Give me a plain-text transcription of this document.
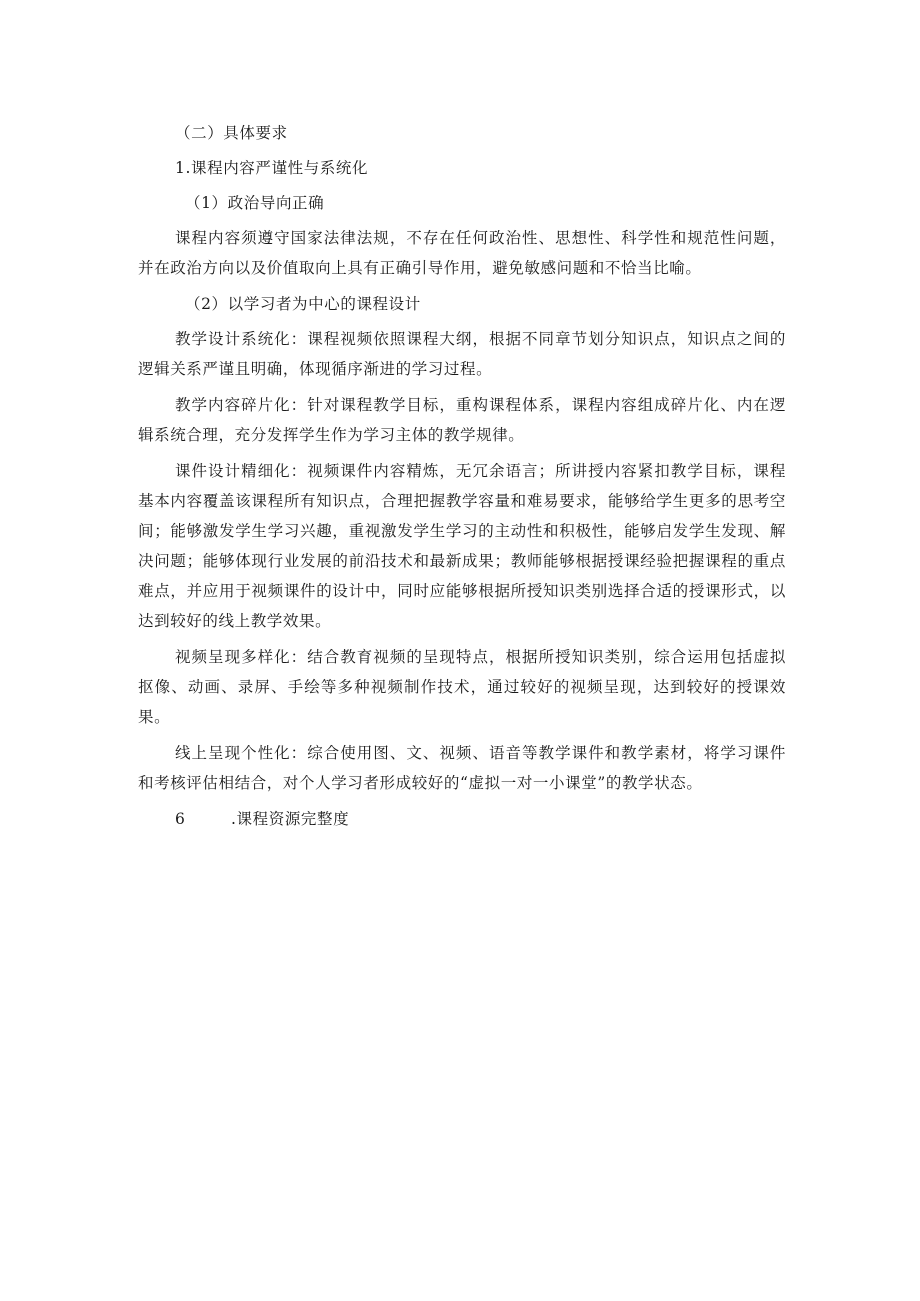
（二）具体要求

1.课程内容严谨性与系统化

（1）政治导向正确

课程内容须遵守国家法律法规，不存在任何政治性、思想性、科学性和规范性问题，并在政治方向以及价值取向上具有正确引导作用，避免敏感问题和不恰当比喻。

（2）以学习者为中心的课程设计

教学设计系统化：课程视频依照课程大纲，根据不同章节划分知识点，知识点之间的逻辑关系严谨且明确，体现循序渐进的学习过程。

教学内容碎片化：针对课程教学目标，重构课程体系，课程内容组成碎片化、内在逻辑系统合理，充分发挥学生作为学习主体的教学规律。

课件设计精细化：视频课件内容精炼，无冗余语言；所讲授内容紧扣教学目标，课程基本内容覆盖该课程所有知识点，合理把握教学容量和难易要求，能够给学生更多的思考空间；能够激发学生学习兴趣，重视激发学生学习的主动性和积极性，能够启发学生发现、解决问题；能够体现行业发展的前沿技术和最新成果；教师能够根据授课经验把握课程的重点难点，并应用于视频课件的设计中，同时应能够根据所授知识类别选择合适的授课形式，以达到较好的线上教学效果。

视频呈现多样化：结合教育视频的呈现特点，根据所授知识类别，综合运用包括虚拟抠像、动画、录屏、手绘等多种视频制作技术，通过较好的视频呈现，达到较好的授课效果。

线上呈现个性化：综合使用图、文、视频、语音等教学课件和教学素材，将学习课件和考核评估相结合，对个人学习者形成较好的“虚拟一对一小课堂”的教学状态。

6	.课程资源完整度
